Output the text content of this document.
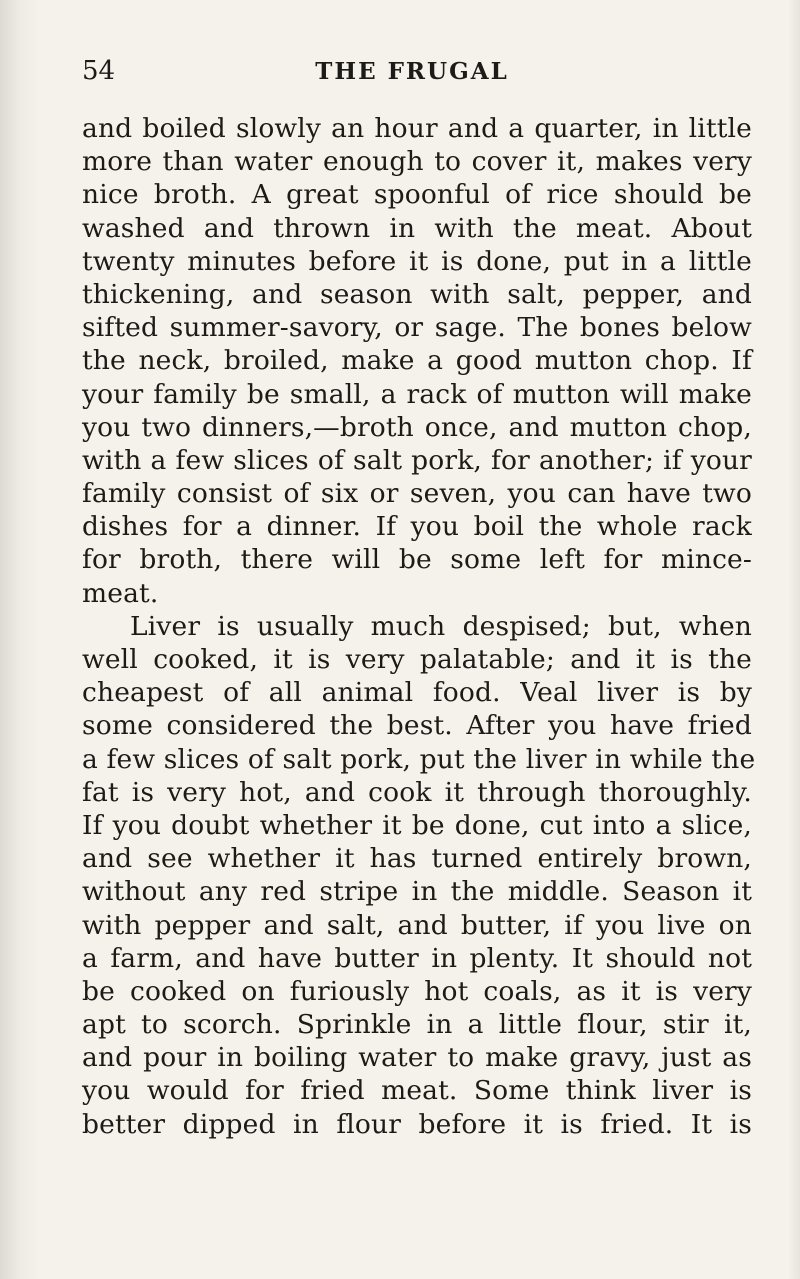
54	THE FRUGAL
and boiled slowly an hour and a quarter, in little
more than water enough to cover it, makes very
nice broth. A great spoonful of rice should be
washed and thrown in with the meat. About
twenty minutes before it is done, put in a little
thickening, and season with salt, pepper, and
sifted summer-savory, or sage. The bones below
the neck, broiled, make a good mutton chop. If
your family be small, a rack of mutton will make
you two dinners,—broth once, and mutton chop,
with a few slices of salt pork, for another; if your
family consist of six or seven, you can have two
dishes for a dinner. If you boil the whole rack
for broth, there will be some left for mince-
meat.
Liver is usually much despised; but, when
well cooked, it is very palatable; and it is the
cheapest of all animal food. Veal liver is by
some considered the best. After you have fried
a few slices of salt pork, put the liver in while the
fat is very hot, and cook it through thoroughly.
If you doubt whether it be done, cut into a slice,
and see whether it has turned entirely brown,
without any red stripe in the middle. Season it
with pepper and salt, and butter, if you live on
a farm, and have butter in plenty. It should not
be cooked on furiously hot coals, as it is very
apt to scorch. Sprinkle in a little flour, stir it,
and pour in boiling water to make gravy, just as
you would for fried meat. Some think liver is
better dipped in flour before it is fried. It is
